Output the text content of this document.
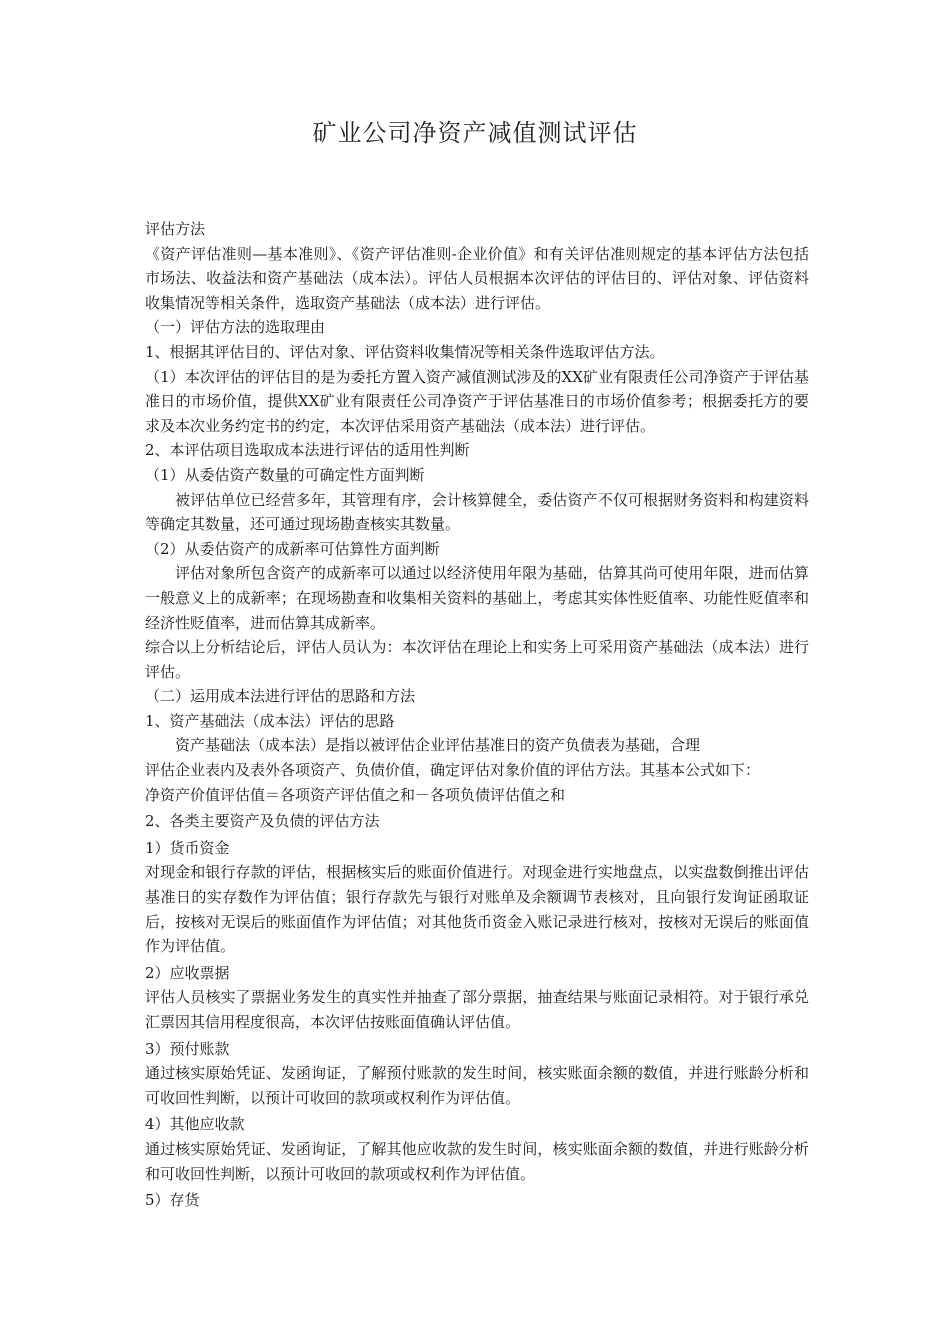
矿业公司净资产减值测试评估

评估方法

《资产评估准则—基本准则》、《资产评估准则-企业价值》和有关评估准则规定的基本评估方法包括市场法、收益法和资产基础法（成本法）。评估人员根据本次评估的评估目的、评估对象、评估资料收集情况等相关条件，选取资产基础法（成本法）进行评估。

（一）评估方法的选取理由

1、根据其评估目的、评估对象、评估资料收集情况等相关条件选取评估方法。

（1）本次评估的评估目的是为委托方置入资产减值测试涉及的XX矿业有限责任公司净资产于评估基准日的市场价值，提供XX矿业有限责任公司净资产于评估基准日的市场价值参考；根据委托方的要求及本次业务约定书的约定，本次评估采用资产基础法（成本法）进行评估。

2、本评估项目选取成本法进行评估的适用性判断

（1）从委估资产数量的可确定性方面判断

被评估单位已经营多年，其管理有序，会计核算健全，委估资产不仅可根据财务资料和构建资料等确定其数量，还可通过现场勘查核实其数量。

（2）从委估资产的成新率可估算性方面判断

评估对象所包含资产的成新率可以通过以经济使用年限为基础，估算其尚可使用年限，进而估算一般意义上的成新率；在现场勘查和收集相关资料的基础上，考虑其实体性贬值率、功能性贬值率和经济性贬值率，进而估算其成新率。

综合以上分析结论后，评估人员认为：本次评估在理论上和实务上可采用资产基础法（成本法）进行评估。

（二）运用成本法进行评估的思路和方法

1、资产基础法（成本法）评估的思路

资产基础法（成本法）是指以被评估企业评估基准日的资产负债表为基础，合理

评估企业表内及表外各项资产、负债价值，确定评估对象价值的评估方法。其基本公式如下：

净资产价值评估值＝各项资产评估值之和－各项负债评估值之和

2、各类主要资产及负债的评估方法

1）货币资金

对现金和银行存款的评估，根据核实后的账面价值进行。对现金进行实地盘点，以实盘数倒推出评估基准日的实存数作为评估值；银行存款先与银行对账单及余额调节表核对，且向银行发询证函取证后，按核对无误后的账面值作为评估值；对其他货币资金入账记录进行核对，按核对无误后的账面值作为评估值。

2）应收票据

评估人员核实了票据业务发生的真实性并抽查了部分票据，抽查结果与账面记录相符。对于银行承兑汇票因其信用程度很高，本次评估按账面值确认评估值。

3）预付账款

通过核实原始凭证、发函询证，了解预付账款的发生时间，核实账面余额的数值，并进行账龄分析和可收回性判断，以预计可收回的款项或权利作为评估值。

4）其他应收款

通过核实原始凭证、发函询证，了解其他应收款的发生时间，核实账面余额的数值，并进行账龄分析和可收回性判断，以预计可收回的款项或权利作为评估值。

5）存货
